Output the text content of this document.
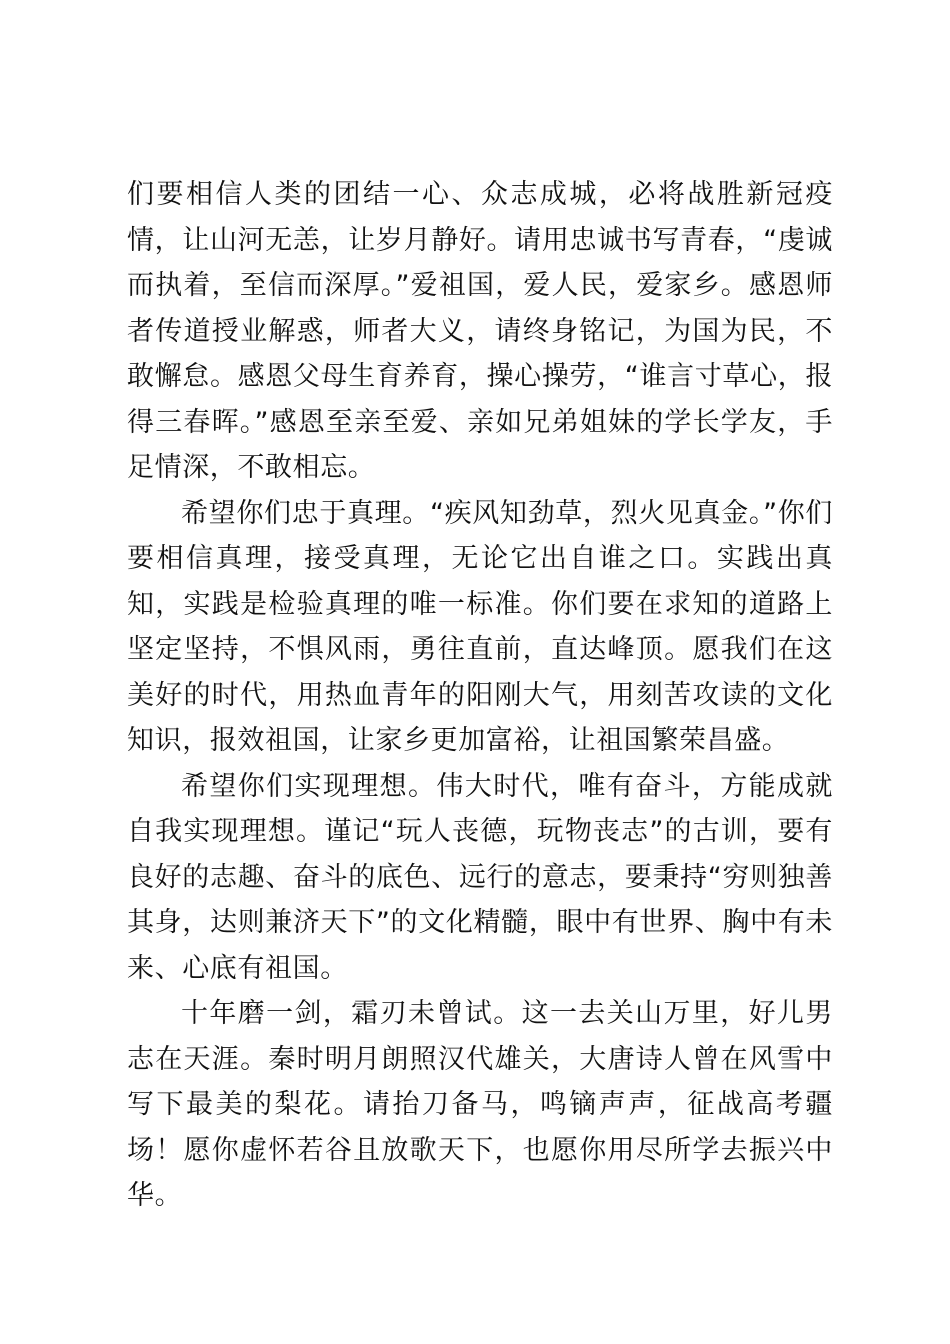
们要相信人类的团结一心、众志成城，必将战胜新冠疫情，让山河无恙，让岁月静好。请用忠诚书写青春，“虔诚而执着，至信而深厚。”爱祖国，爱人民，爱家乡。感恩师者传道授业解惑，师者大义，请终身铭记，为国为民，不敢懈怠。感恩父母生育养育，操心操劳，“谁言寸草心，报得三春晖。”感恩至亲至爱、亲如兄弟姐妹的学长学友，手足情深，不敢相忘。

希望你们忠于真理。“疾风知劲草，烈火见真金。”你们要相信真理，接受真理，无论它出自谁之口。实践出真知，实践是检验真理的唯一标准。你们要在求知的道路上坚定坚持，不惧风雨，勇往直前，直达峰顶。愿我们在这美好的时代，用热血青年的阳刚大气，用刻苦攻读的文化知识，报效祖国，让家乡更加富裕，让祖国繁荣昌盛。

希望你们实现理想。伟大时代，唯有奋斗，方能成就自我实现理想。谨记“玩人丧德，玩物丧志”的古训，要有良好的志趣、奋斗的底色、远行的意志，要秉持“穷则独善其身，达则兼济天下”的文化精髓，眼中有世界、胸中有未来、心底有祖国。

十年磨一剑，霜刃未曾试。这一去关山万里，好儿男志在天涯。秦时明月朗照汉代雄关，大唐诗人曾在风雪中写下最美的梨花。请抬刀备马，鸣镝声声，征战高考疆场！愿你虚怀若谷且放歌天下，也愿你用尽所学去振兴中华。
